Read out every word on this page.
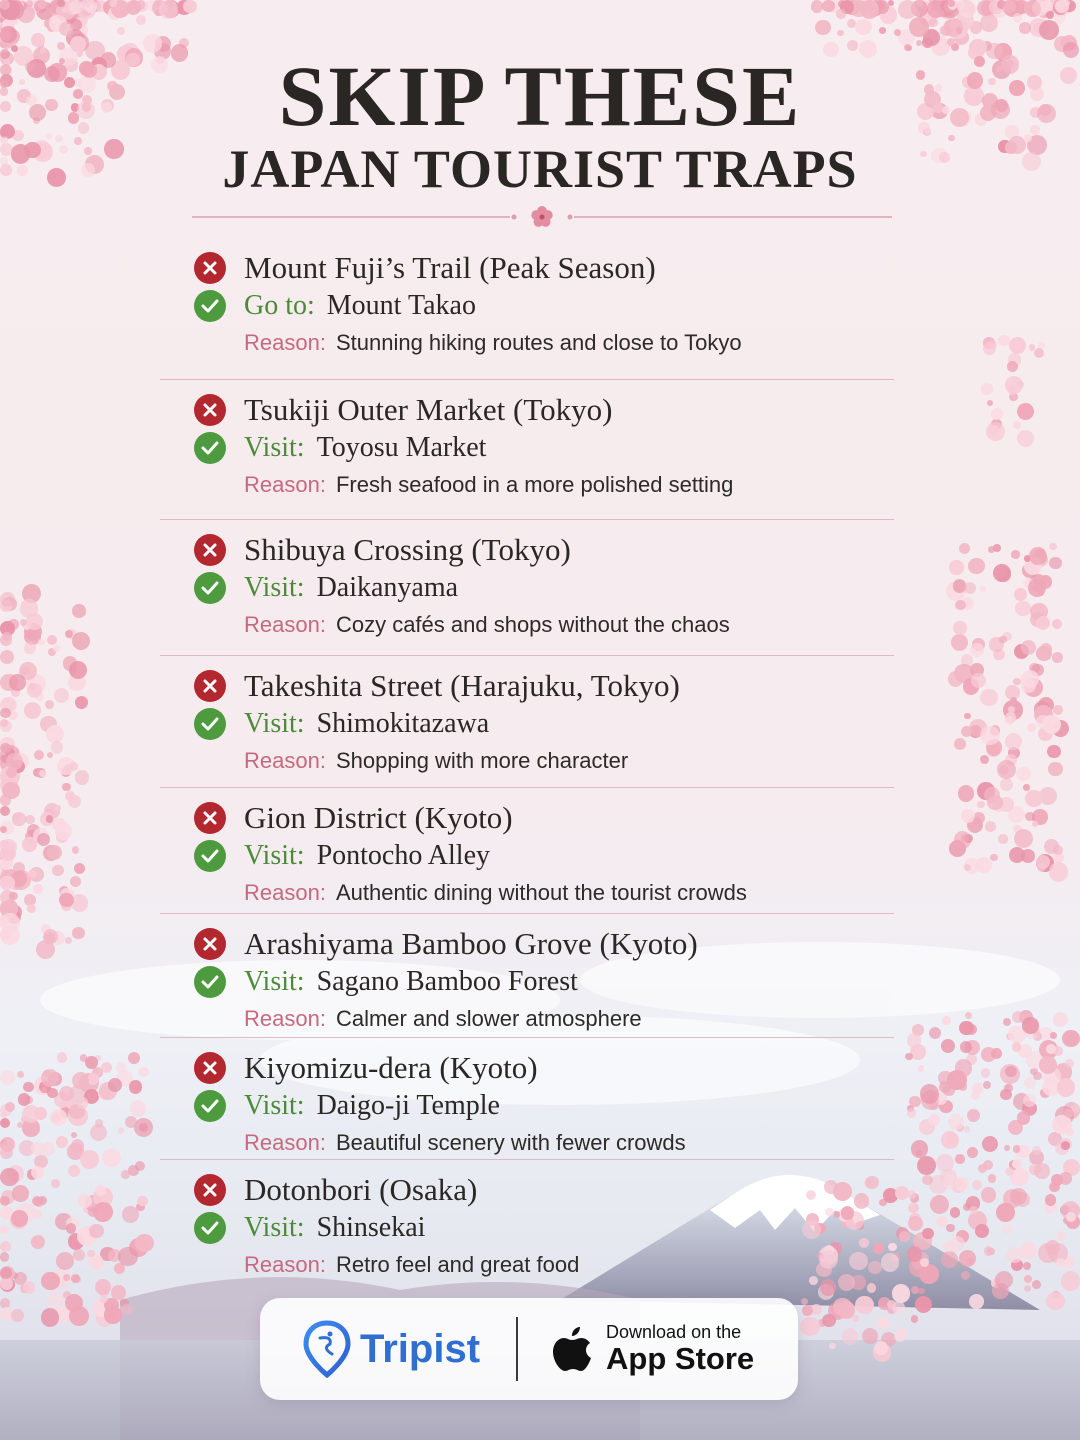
SKIP THESE
JAPAN TOURIST TRAPS
Mount Fuji’s Trail (Peak Season)
Go to: Mount Takao
Reason: Stunning hiking routes and close to Tokyo
Tsukiji Outer Market (Tokyo)
Visit: Toyosu Market
Reason: Fresh seafood in a more polished setting
Shibuya Crossing (Tokyo)
Visit: Daikanyama
Reason: Cozy cafés and shops without the chaos
Takeshita Street (Harajuku, Tokyo)
Visit: Shimokitazawa
Reason: Shopping with more character
Gion District (Kyoto)
Visit: Pontocho Alley
Reason: Authentic dining without the tourist crowds
Arashiyama Bamboo Grove (Kyoto)
Visit: Sagano Bamboo Forest
Reason: Calmer and slower atmosphere
Kiyomizu-dera (Kyoto)
Visit: Daigo-ji Temple
Reason: Beautiful scenery with fewer crowds
Dotonbori (Osaka)
Visit: Shinsekai
Reason: Retro feel and great food
Tripist	Download on the
App Store
